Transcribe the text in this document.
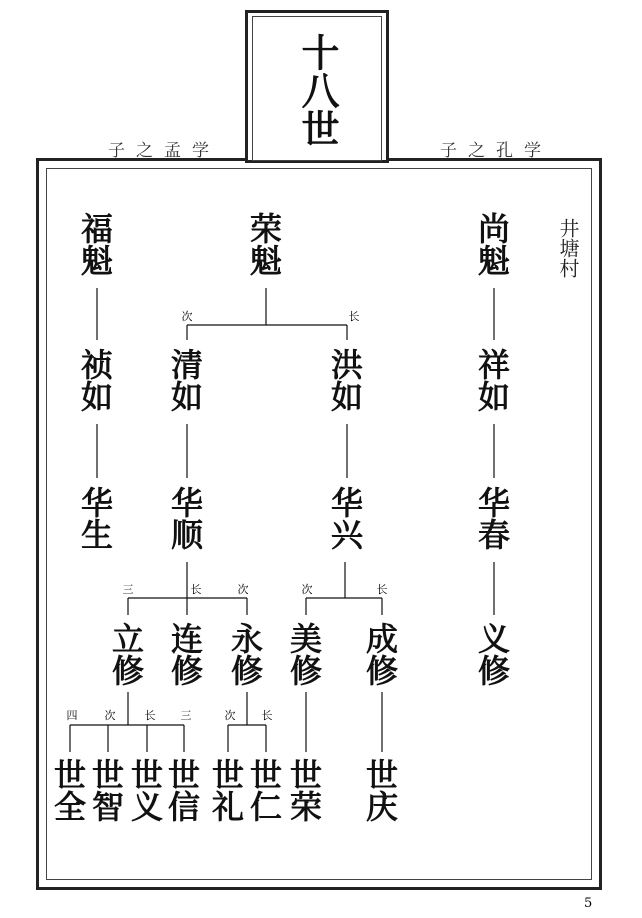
子之孟学	子之孔学
十八世
井塘村
福魁	荣魁	尚魁
次	长
祯如 清如	洪如	祥如
华生 华顺	华兴	华春
三	长	次	次	长
立修 连修 永修 美修 成修 义修
四	次	长	三	次	长
世全 世智 世义 世信 世礼 世仁 世荣 世庆
5
